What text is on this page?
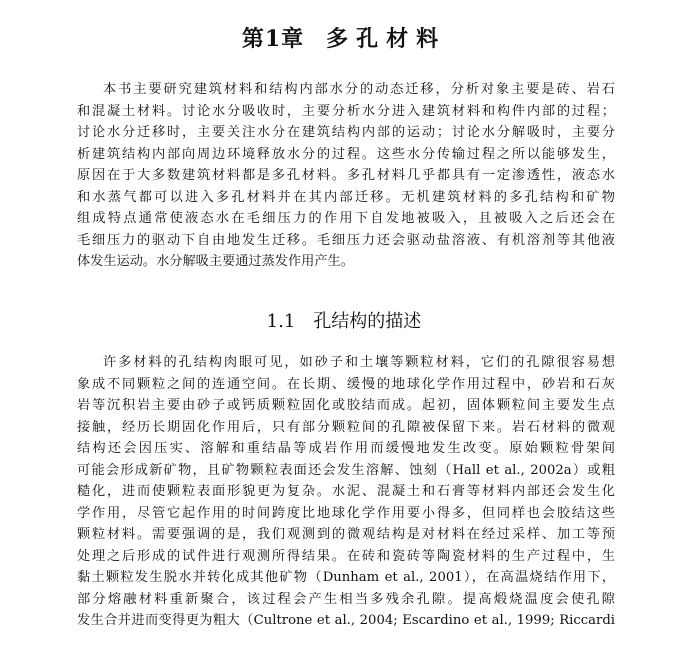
第1章 多孔材料
本书主要研究建筑材料和结构内部水分的动态迁移，分析对象主要是砖、岩石
和混凝土材料。讨论水分吸收时，主要分析水分进入建筑材料和构件内部的过程；
讨论水分迁移时，主要关注水分在建筑结构内部的运动；讨论水分解吸时，主要分
析建筑结构内部向周边环境释放水分的过程。这些水分传输过程之所以能够发生，
原因在于大多数建筑材料都是多孔材料。多孔材料几乎都具有一定渗透性，液态水
和水蒸气都可以进入多孔材料并在其内部迁移。无机建筑材料的多孔结构和矿物
组成特点通常使液态水在毛细压力的作用下自发地被吸入，且被吸入之后还会在
毛细压力的驱动下自由地发生迁移。毛细压力还会驱动盐溶液、有机溶剂等其他液
体发生运动。水分解吸主要通过蒸发作用产生。
1.1 孔结构的描述
许多材料的孔结构肉眼可见，如砂子和土壤等颗粒材料，它们的孔隙很容易想
象成不同颗粒之间的连通空间。在长期、缓慢的地球化学作用过程中，砂岩和石灰
岩等沉积岩主要由砂子或钙质颗粒固化或胶结而成。起初，固体颗粒间主要发生点
接触，经历长期固化作用后，只有部分颗粒间的孔隙被保留下来。岩石材料的微观
结构还会因压实、溶解和重结晶等成岩作用而缓慢地发生改变。原始颗粒骨架间
可能会形成新矿物，且矿物颗粒表面还会发生溶解、蚀刻（Hall et al., 2002a）或粗
糙化，进而使颗粒表面形貌更为复杂。水泥、混凝土和石膏等材料内部还会发生化
学作用，尽管它起作用的时间跨度比地球化学作用要小得多，但同样也会胶结这些
颗粒材料。需要强调的是，我们观测到的微观结构是对材料在经过采样、加工等预
处理之后形成的试件进行观测所得结果。在砖和瓷砖等陶瓷材料的生产过程中，生
黏土颗粒发生脱水并转化成其他矿物（Dunham et al., 2001），在高温烧结作用下，
部分熔融材料重新聚合，该过程会产生相当多残余孔隙。提高煅烧温度会使孔隙
发生合并进而变得更为粗大（Cultrone et al., 2004; Escardino et al., 1999; Riccardi
